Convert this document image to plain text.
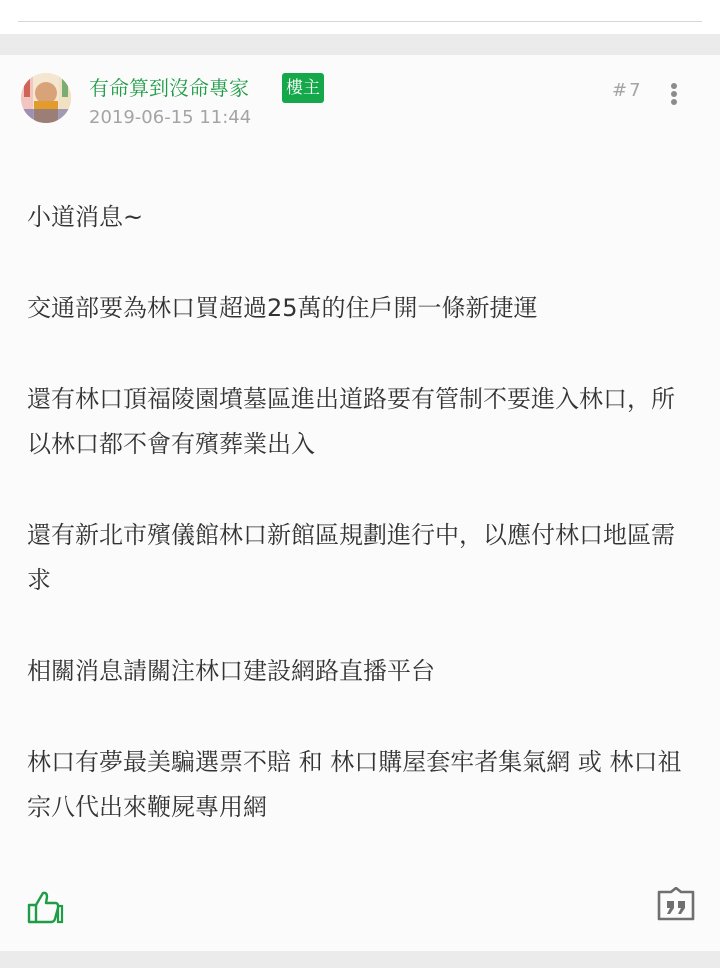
有命算到沒命專家 樓主
2019-06-15 11:44
#7

小道消息~

交通部要為林口買超過25萬的住戶開一條新捷運

還有林口頂福陵園墳墓區進出道路要有管制不要進入林口，所以林口都不會有殯葬業出入

還有新北市殯儀館林口新館區規劃進行中，以應付林口地區需求

相關消息請關注林口建設網路直播平台

林口有夢最美騙選票不賠 和 林口購屋套牢者集氣網 或 林口祖宗八代出來鞭屍專用網
